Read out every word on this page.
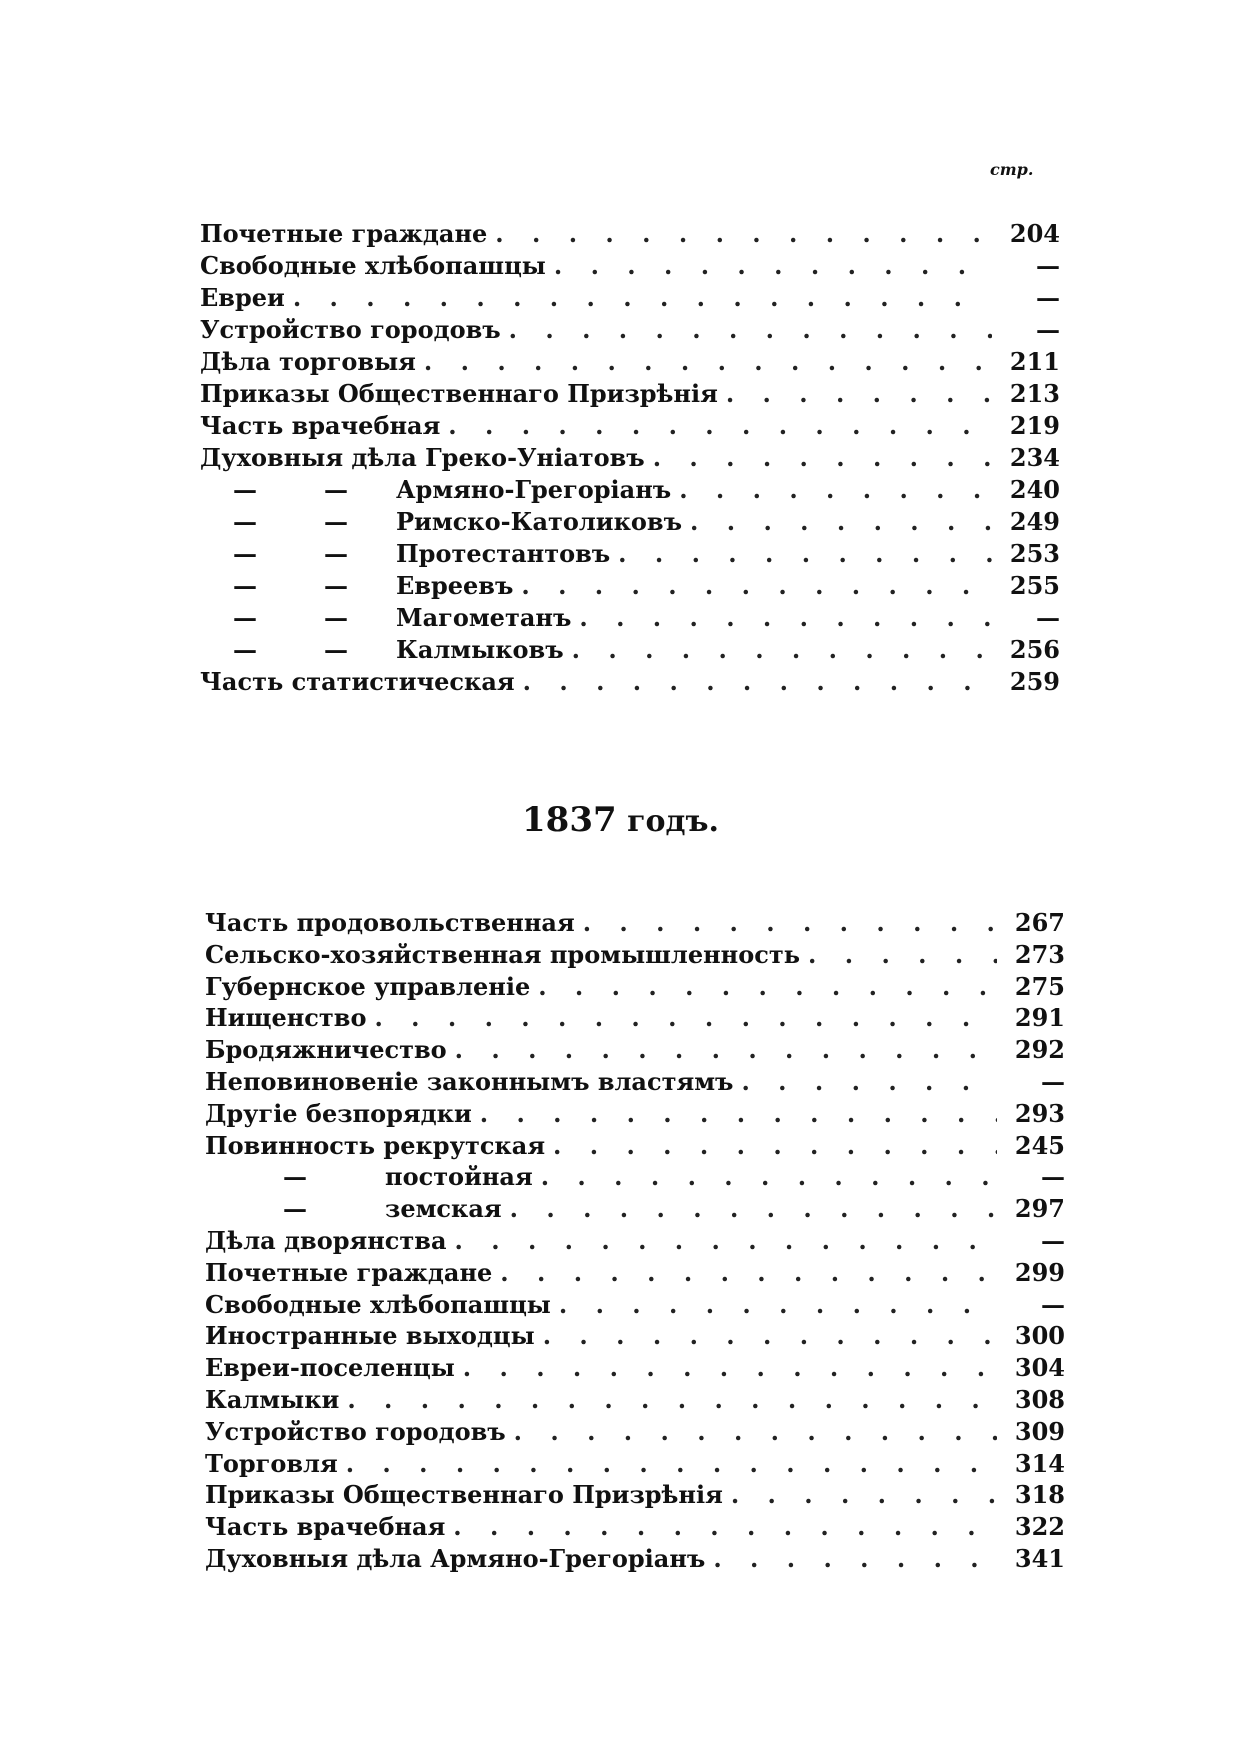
стр.
Почетные граждане . . .	204
Свободные хлѣбопашцы . . .	—
Евреи . . .	—
Устройство городовъ . . .	—
Дѣла торговыя . . .	211
Приказы Общественнаго Призрѣнія . . .	213
Часть врачебная . . .	219
Духовныя дѣла Греко-Уніатовъ . . .	234
—	—	Армяно-Грегоріанъ . . .	240
—	—	Римско-Католиковъ . . .	249
—	—	Протестантовъ . . .	253
—	—	Евреевъ . . .	255
—	—	Магометанъ . . .	—
—	—	Калмыковъ . . .	256
Часть статистическая . . .	259
1837 годъ.
Часть продовольственная . . .	267
Сельско-хозяйственная промышленность . . .	273
Губернское управленіе . . .	275
Нищенство . . .	291
Бродяжничество . . .	292
Неповиновеніе законнымъ властямъ . . .	—
Другіе безпорядки . . .	293
Повинность рекрутская . . .	245
—	постойная . . .	—
—	земская . . .	297
Дѣла дворянства . . .	—
Почетные граждане . . .	299
Свободные хлѣбопашцы . . .	—
Иностранные выходцы . . .	300
Евреи-поселенцы . . .	304
Калмыки . . .	308
Устройство городовъ . . .	309
Торговля . . .	314
Приказы Общественнаго Призрѣнія . . .	318
Часть врачебная . . .	322
Духовныя дѣла Армяно-Грегоріанъ . . .	341
